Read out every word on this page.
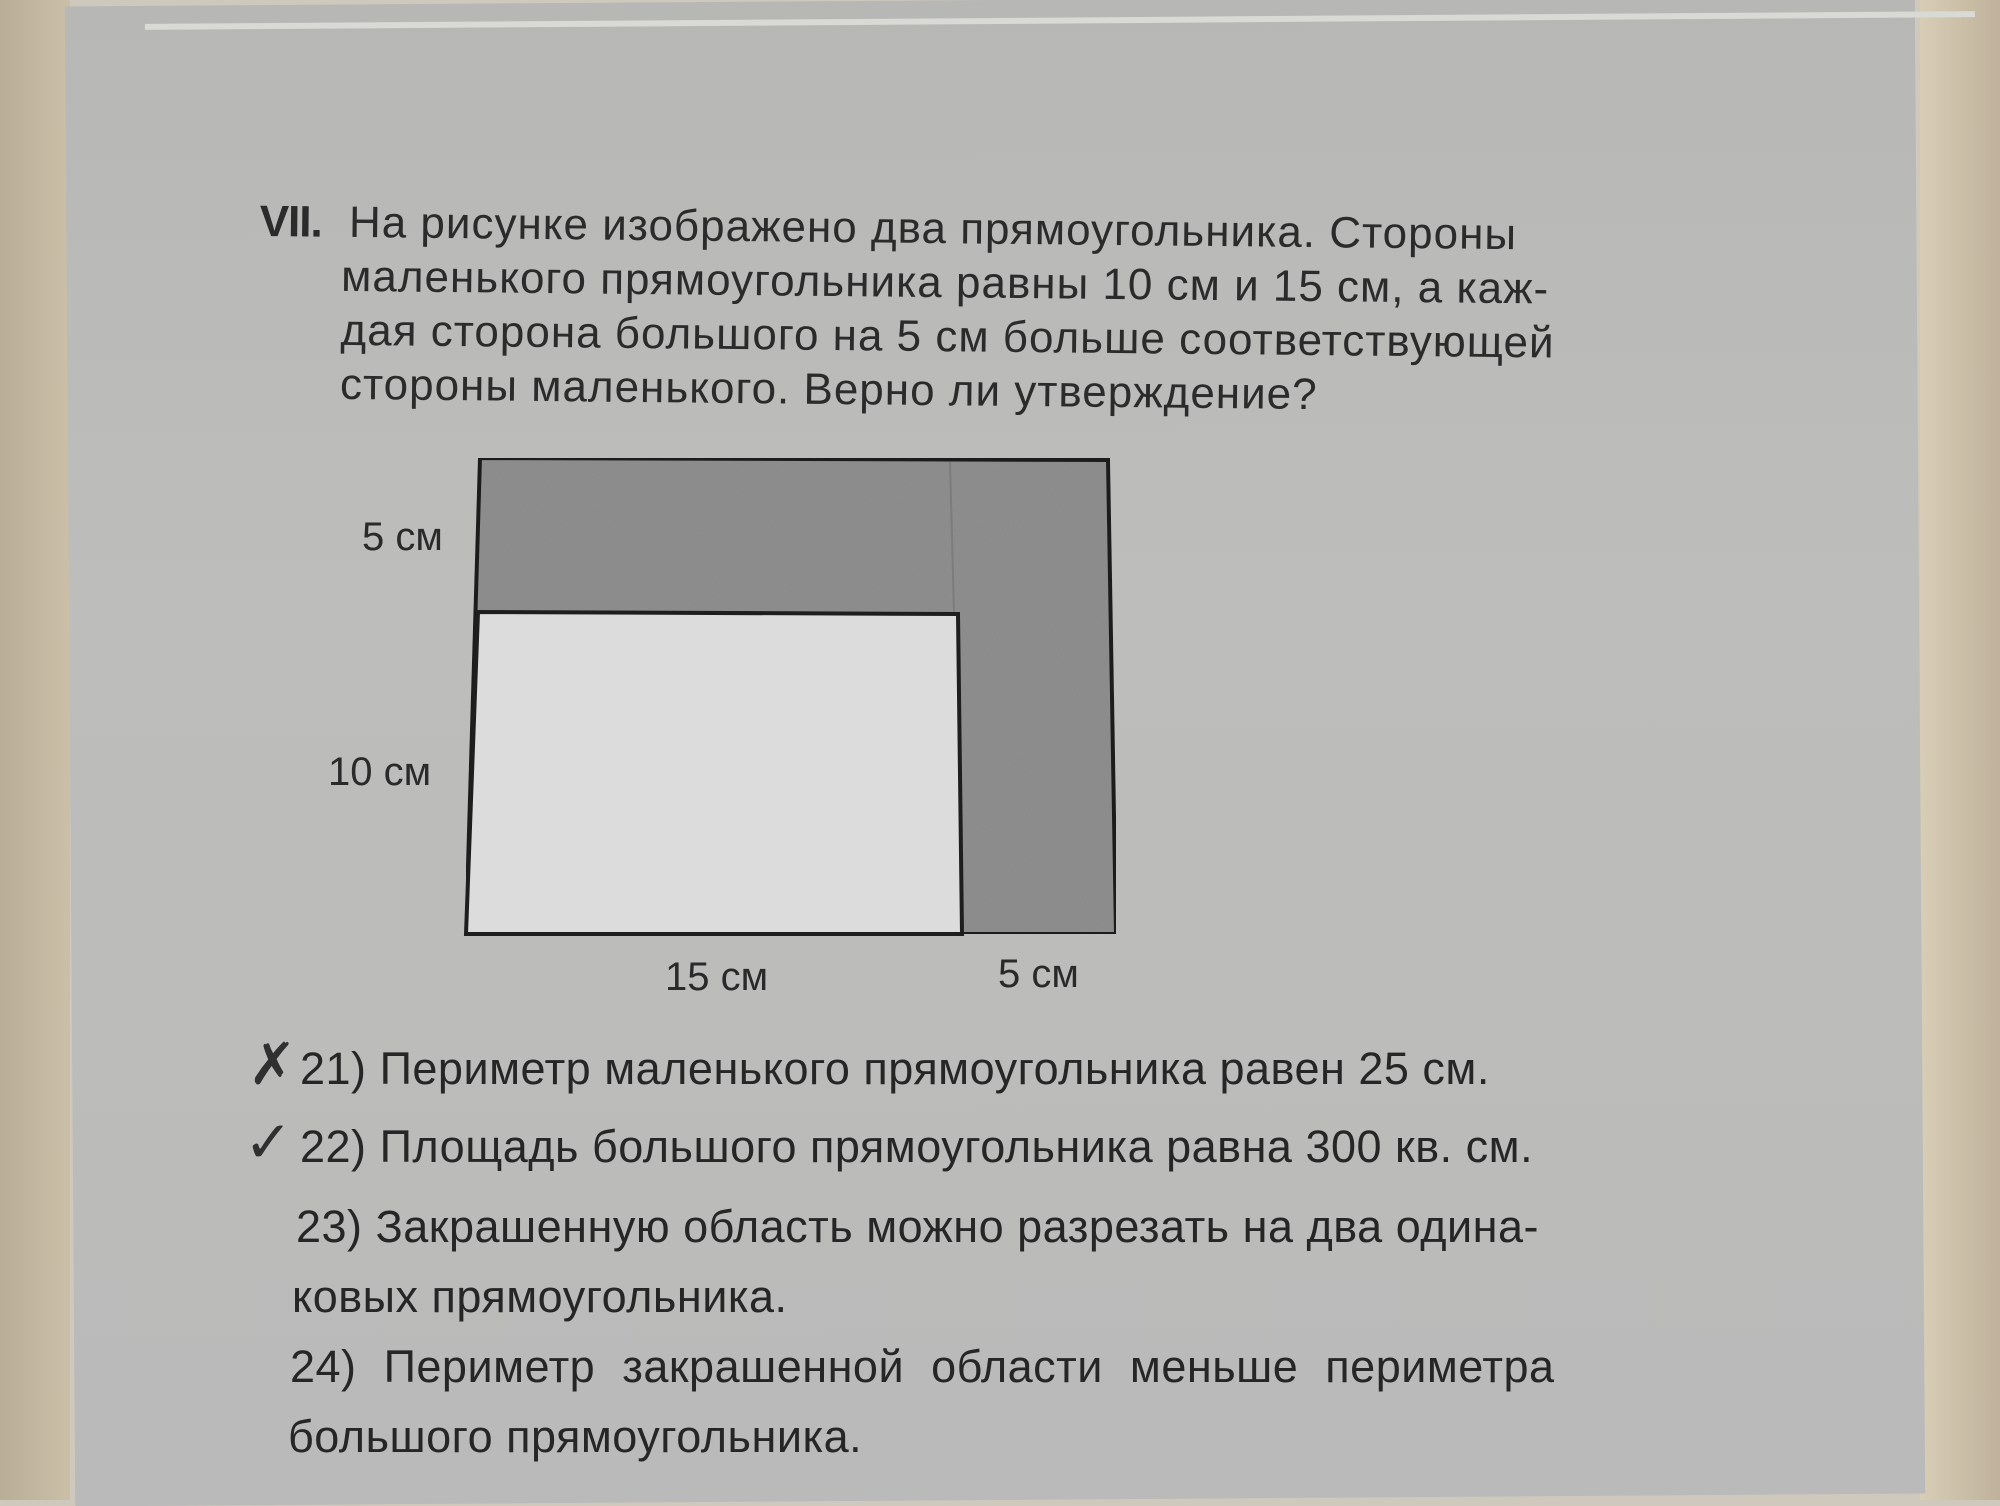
VII. На рисунке изображено два прямоугольника. Стороны
маленького прямоугольника равны 10 см и 15 см, а каж-
дая сторона большого на 5 см больше соответствующей
стороны маленького. Верно ли утверждение?
5 см
10 см
15 см	5 см
✗ 21) Периметр маленького прямоугольника равен 25 см.
✓ 22) Площадь большого прямоугольника равна 300 кв. см.
23) Закрашенную область можно разрезать на два одина-
ковых прямоугольника.
24) Периметр закрашенной области меньше периметра
большого прямоугольника.
